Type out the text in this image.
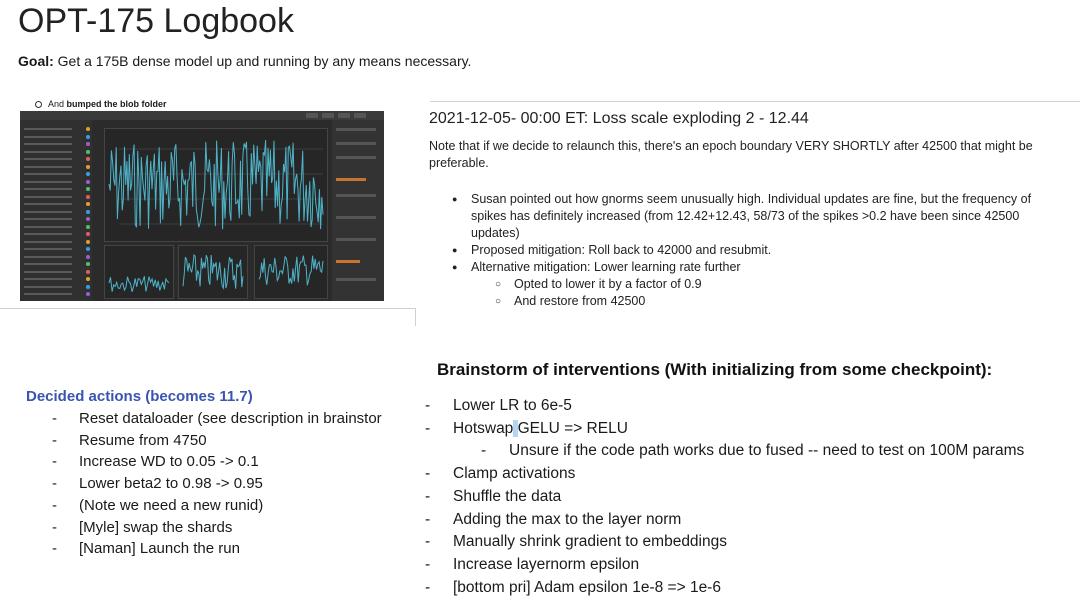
OPT-175 Logbook
Goal: Get a 175B dense model up and running by any means necessary.
And bumped the blob folder
2021-12-05- 00:00 ET: Loss scale exploding 2 - 12.44
Note that if we decide to relaunch this, there's an epoch boundary VERY SHORTLY after 42500 that might be preferable.
● Susan pointed out how gnorms seem unusually high. Individual updates are fine, but the frequency of spikes has definitely increased (from 12.42+12.43, 58/73 of the spikes >0.2 have been since 42500 updates)
● Proposed mitigation: Roll back to 42000 and resubmit.
● Alternative mitigation: Lower learning rate further
○ Opted to lower it by a factor of 0.9
○ And restore from 42500
Decided actions (becomes 11.7)
- Reset dataloader (see description in brainstor
- Resume from 4750
- Increase WD to 0.05 -> 0.1
- Lower beta2 to 0.98 -> 0.95
- (Note we need a new runid)
- [Myle] swap the shards
- [Naman] Launch the run
Brainstorm of interventions (With initializing from some checkpoint):
- Lower LR to 6e-5
- Hotswap GELU => RELU
- Unsure if the code path works due to fused -- need to test on 100M params
- Clamp activations
- Shuffle the data
- Adding the max to the layer norm
- Manually shrink gradient to embeddings
- Increase layernorm epsilon
- [bottom pri] Adam epsilon 1e-8 => 1e-6
